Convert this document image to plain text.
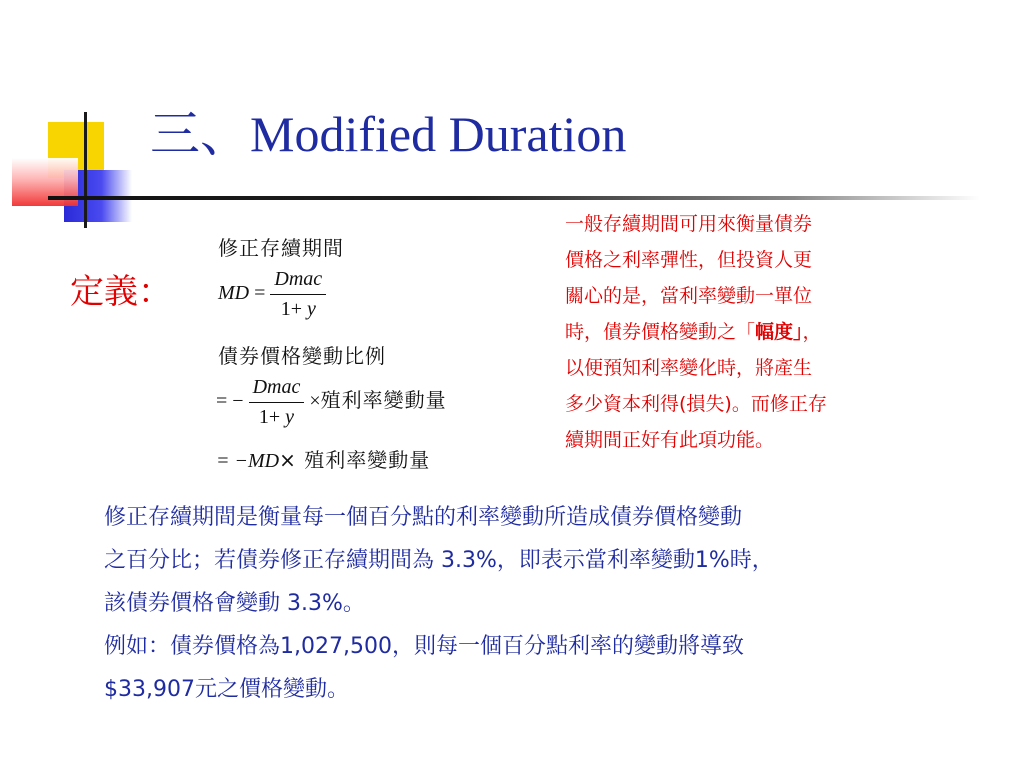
三、Modified Duration
定義：
修正存續期間
MD = $\frac{\text{Dmac}}{1+ y}$
債券價格變動比例
= − $\frac{\text{Dmac}}{1+ y}$ ×殖利率變動量
= −MD× 殖利率變動量

一般存續期間可用來衡量債券
價格之利率彈性，但投資人更
關心的是，當利率變動一單位
時，債券價格變動之「幅度」，
以便預知利率變化時，將產生
多少資本利得(損失)。而修正存
續期間正好有此項功能。

修正存續期間是衡量每一個百分點的利率變動所造成債券價格變動
之百分比；若債券修正存續期間為 3.3%，即表示當利率變動1%時，
該債券價格會變動 3.3%。
例如：債券價格為1,027,500，則每一個百分點利率的變動將導致
$33,907元之價格變動。
